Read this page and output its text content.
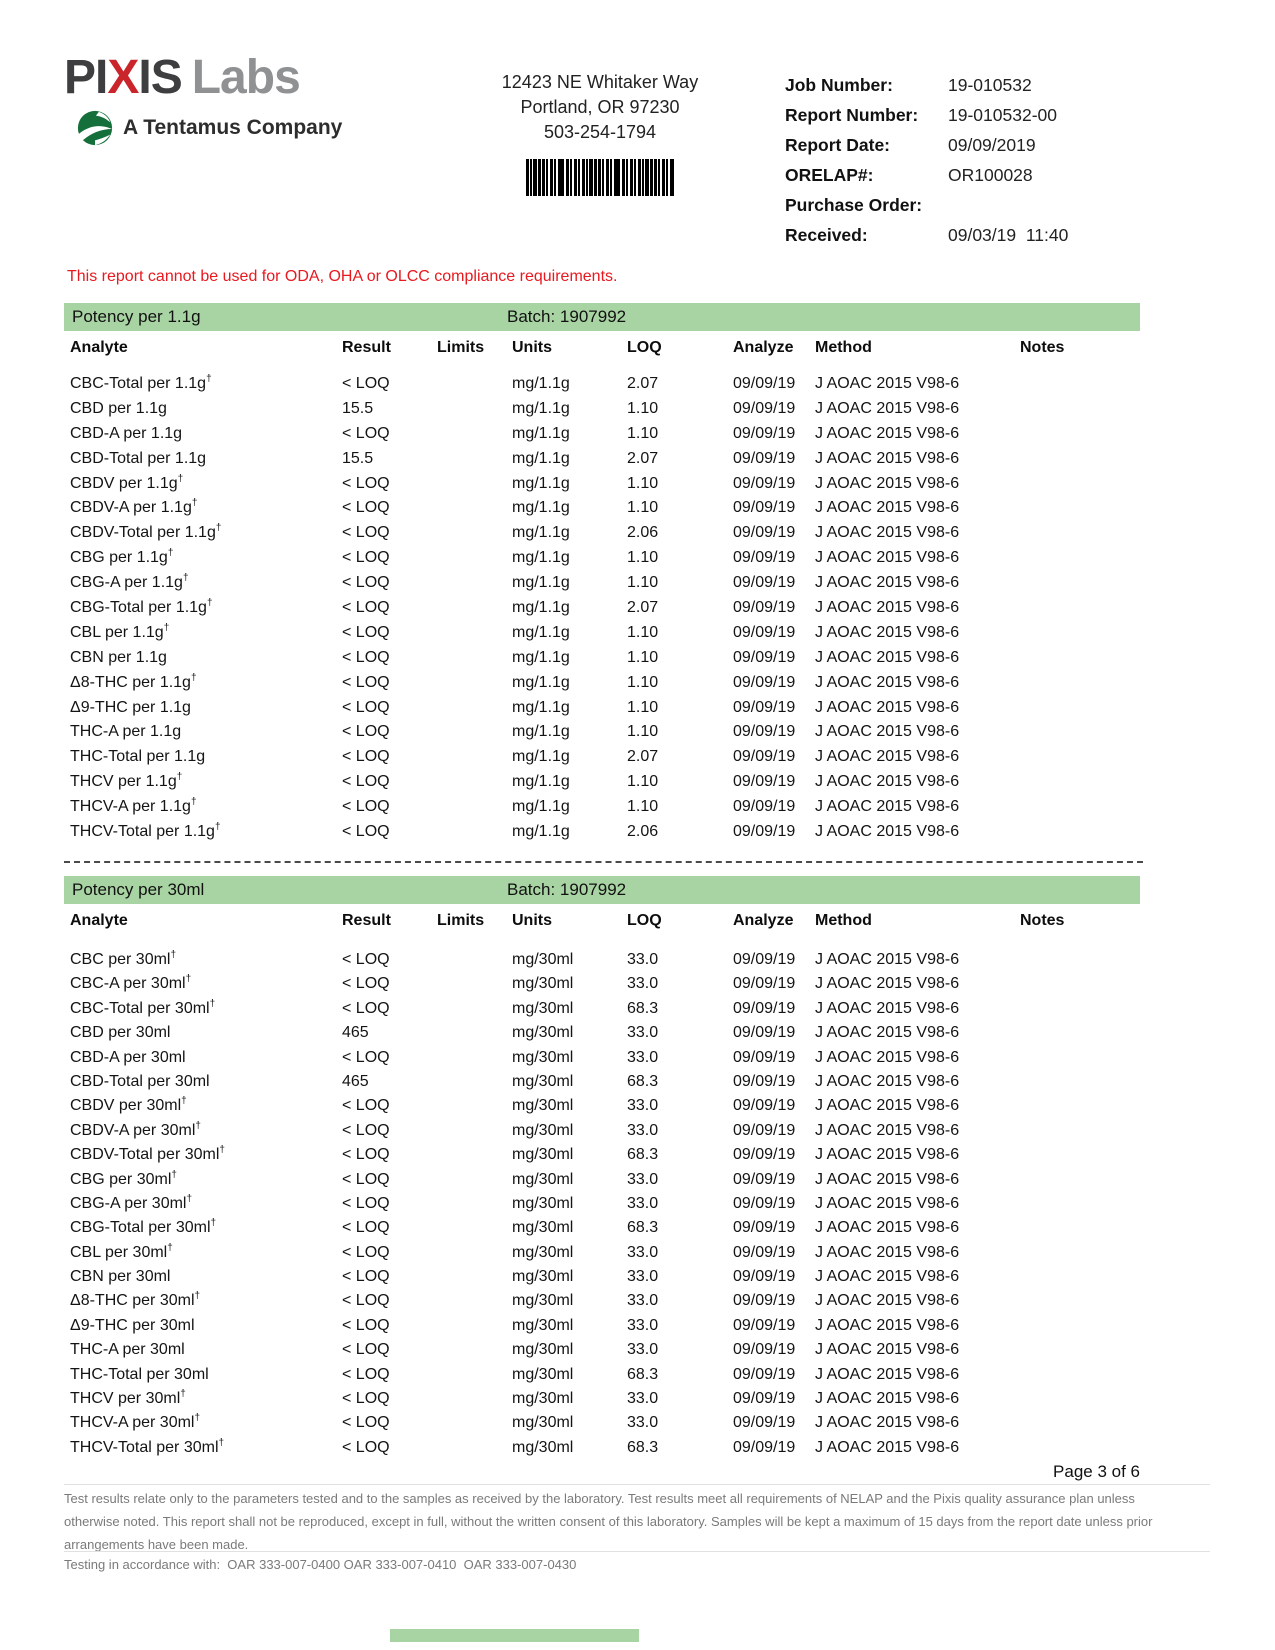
PIXIS Labs
A Tentamus Company
12423 NE Whitaker Way
Portland, OR 97230
503-254-1794
Job Number:	19-010532
Report Number:	19-010532-00
Report Date:	09/09/2019
ORELAP#:	OR100028
Purchase Order:
Received:	09/03/19  11:40
This report cannot be used for ODA, OHA or OLCC compliance requirements.
Potency per 1.1g	Batch: 1907992
Analyte	Result	Limits	Units	LOQ	Analyze	Method	Notes
CBC-Total per 1.1g†	< LOQ	mg/1.1g	2.07	09/09/19	J AOAC 2015 V98-6
CBD per 1.1g	15.5	mg/1.1g	1.10	09/09/19	J AOAC 2015 V98-6
CBD-A per 1.1g	< LOQ	mg/1.1g	1.10	09/09/19	J AOAC 2015 V98-6
CBD-Total per 1.1g	15.5	mg/1.1g	2.07	09/09/19	J AOAC 2015 V98-6
CBDV per 1.1g†	< LOQ	mg/1.1g	1.10	09/09/19	J AOAC 2015 V98-6
CBDV-A per 1.1g†	< LOQ	mg/1.1g	1.10	09/09/19	J AOAC 2015 V98-6
CBDV-Total per 1.1g†	< LOQ	mg/1.1g	2.06	09/09/19	J AOAC 2015 V98-6
CBG per 1.1g†	< LOQ	mg/1.1g	1.10	09/09/19	J AOAC 2015 V98-6
CBG-A per 1.1g†	< LOQ	mg/1.1g	1.10	09/09/19	J AOAC 2015 V98-6
CBG-Total per 1.1g†	< LOQ	mg/1.1g	2.07	09/09/19	J AOAC 2015 V98-6
CBL per 1.1g†	< LOQ	mg/1.1g	1.10	09/09/19	J AOAC 2015 V98-6
CBN per 1.1g	< LOQ	mg/1.1g	1.10	09/09/19	J AOAC 2015 V98-6
Δ8-THC per 1.1g†	< LOQ	mg/1.1g	1.10	09/09/19	J AOAC 2015 V98-6
Δ9-THC per 1.1g	< LOQ	mg/1.1g	1.10	09/09/19	J AOAC 2015 V98-6
THC-A per 1.1g	< LOQ	mg/1.1g	1.10	09/09/19	J AOAC 2015 V98-6
THC-Total per 1.1g	< LOQ	mg/1.1g	2.07	09/09/19	J AOAC 2015 V98-6
THCV per 1.1g†	< LOQ	mg/1.1g	1.10	09/09/19	J AOAC 2015 V98-6
THCV-A per 1.1g†	< LOQ	mg/1.1g	1.10	09/09/19	J AOAC 2015 V98-6
THCV-Total per 1.1g†	< LOQ	mg/1.1g	2.06	09/09/19	J AOAC 2015 V98-6
Potency per 30ml	Batch: 1907992
Analyte	Result	Limits	Units	LOQ	Analyze	Method	Notes
CBC per 30ml†	< LOQ	mg/30ml	33.0	09/09/19	J AOAC 2015 V98-6
CBC-A per 30ml†	< LOQ	mg/30ml	33.0	09/09/19	J AOAC 2015 V98-6
CBC-Total per 30ml†	< LOQ	mg/30ml	68.3	09/09/19	J AOAC 2015 V98-6
CBD per 30ml	465	mg/30ml	33.0	09/09/19	J AOAC 2015 V98-6
CBD-A per 30ml	< LOQ	mg/30ml	33.0	09/09/19	J AOAC 2015 V98-6
CBD-Total per 30ml	465	mg/30ml	68.3	09/09/19	J AOAC 2015 V98-6
CBDV per 30ml†	< LOQ	mg/30ml	33.0	09/09/19	J AOAC 2015 V98-6
CBDV-A per 30ml†	< LOQ	mg/30ml	33.0	09/09/19	J AOAC 2015 V98-6
CBDV-Total per 30ml†	< LOQ	mg/30ml	68.3	09/09/19	J AOAC 2015 V98-6
CBG per 30ml†	< LOQ	mg/30ml	33.0	09/09/19	J AOAC 2015 V98-6
CBG-A per 30ml†	< LOQ	mg/30ml	33.0	09/09/19	J AOAC 2015 V98-6
CBG-Total per 30ml†	< LOQ	mg/30ml	68.3	09/09/19	J AOAC 2015 V98-6
CBL per 30ml†	< LOQ	mg/30ml	33.0	09/09/19	J AOAC 2015 V98-6
CBN per 30ml	< LOQ	mg/30ml	33.0	09/09/19	J AOAC 2015 V98-6
Δ8-THC per 30ml†	< LOQ	mg/30ml	33.0	09/09/19	J AOAC 2015 V98-6
Δ9-THC per 30ml	< LOQ	mg/30ml	33.0	09/09/19	J AOAC 2015 V98-6
THC-A per 30ml	< LOQ	mg/30ml	33.0	09/09/19	J AOAC 2015 V98-6
THC-Total per 30ml	< LOQ	mg/30ml	68.3	09/09/19	J AOAC 2015 V98-6
THCV per 30ml†	< LOQ	mg/30ml	33.0	09/09/19	J AOAC 2015 V98-6
THCV-A per 30ml†	< LOQ	mg/30ml	33.0	09/09/19	J AOAC 2015 V98-6
THCV-Total per 30ml†	< LOQ	mg/30ml	68.3	09/09/19	J AOAC 2015 V98-6
Page 3 of 6
Test results relate only to the parameters tested and to the samples as received by the laboratory. Test results meet all requirements of NELAP and the Pixis quality assurance plan unless
otherwise noted. This report shall not be reproduced, except in full, without the written consent of this laboratory. Samples will be kept a maximum of 15 days from the report date unless prior
arrangements have been made.
Testing in accordance with:  OAR 333-007-0400 OAR 333-007-0410  OAR 333-007-0430
